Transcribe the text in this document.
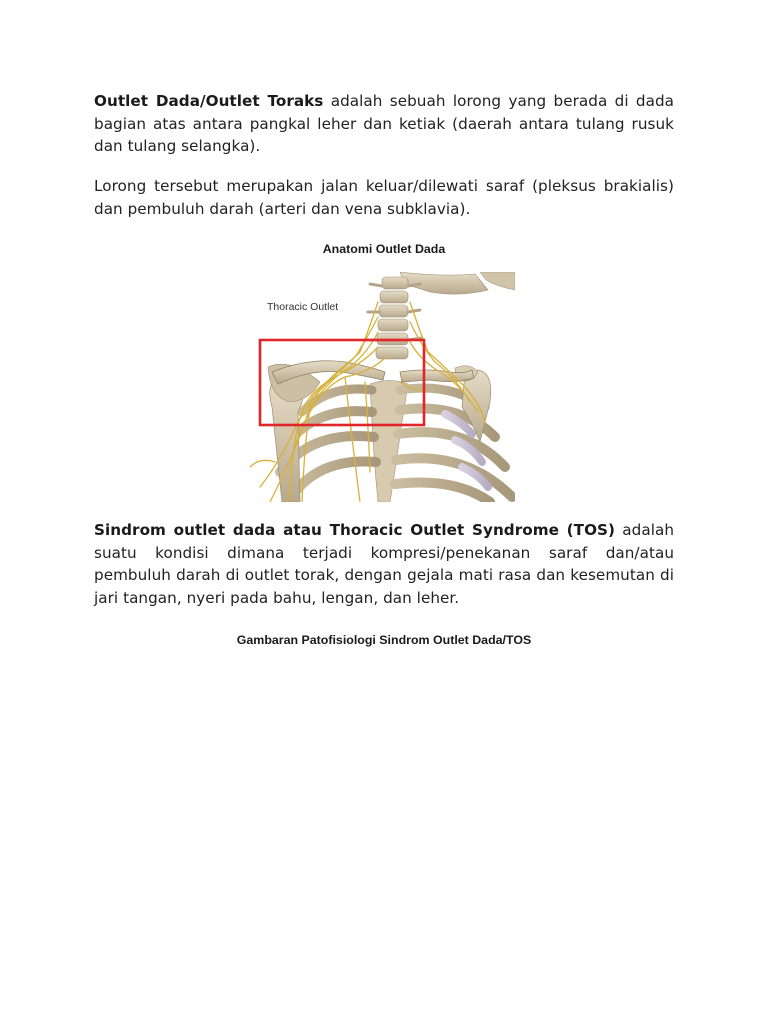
Outlet Dada/Outlet Toraks adalah sebuah lorong yang berada di dada bagian atas antara pangkal leher dan ketiak (daerah antara tulang rusuk dan tulang selangka).

Lorong tersebut merupakan jalan keluar/dilewati saraf (pleksus brakialis) dan pembuluh darah (arteri dan vena subklavia).

Anatomi Outlet Dada

Thoracic Outlet

Sindrom outlet dada atau Thoracic Outlet Syndrome (TOS) adalah suatu kondisi dimana terjadi kompresi/penekanan saraf dan/atau pembuluh darah di outlet torak, dengan gejala mati rasa dan kesemutan di jari tangan, nyeri pada bahu, lengan, dan leher.

Gambaran Patofisiologi Sindrom Outlet Dada/TOS
